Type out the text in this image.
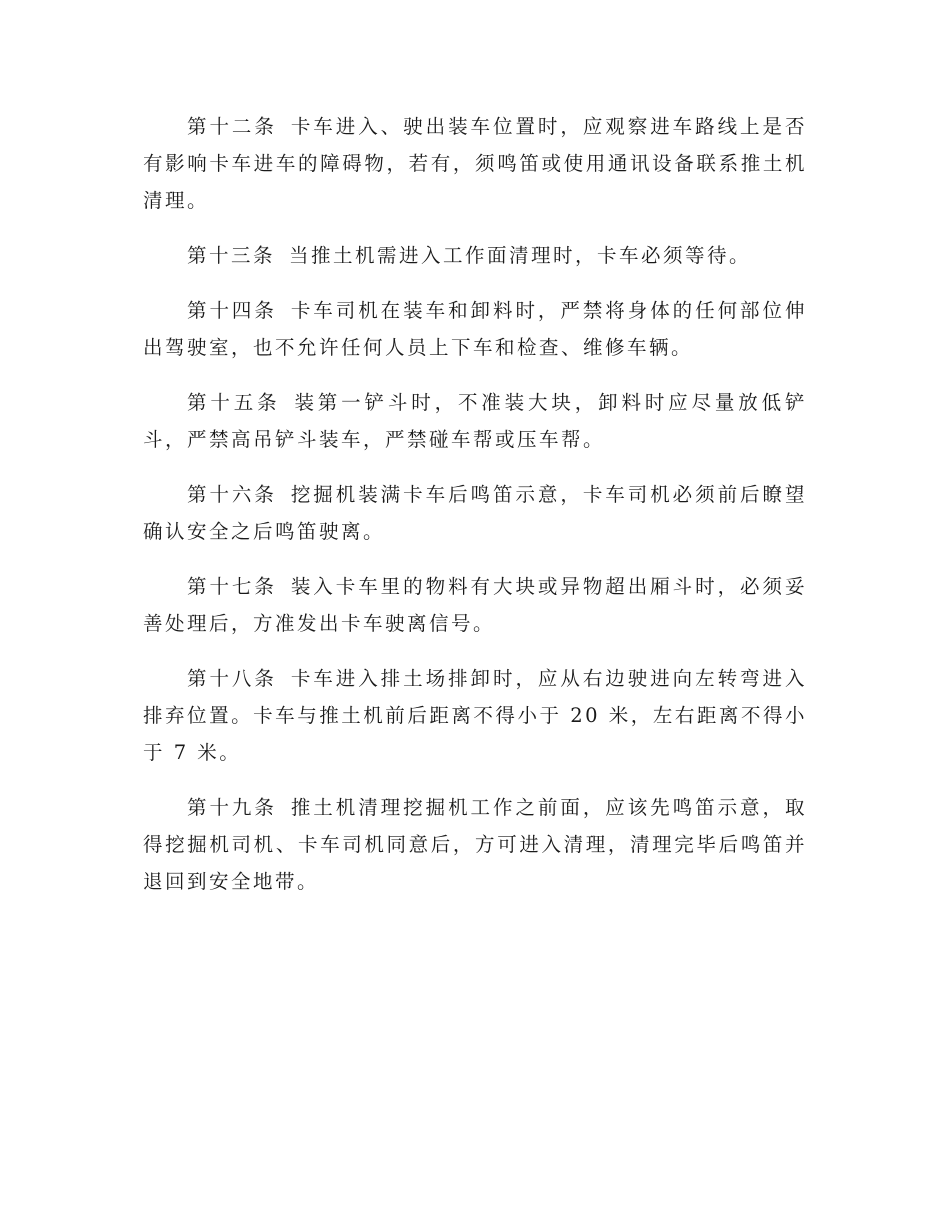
第十二条 卡车进入、驶出装车位置时，应观察进车路线上是否有影响卡车进车的障碍物，若有，须鸣笛或使用通讯设备联系推土机清理。

第十三条 当推土机需进入工作面清理时，卡车必须等待。

第十四条 卡车司机在装车和卸料时，严禁将身体的任何部位伸出驾驶室，也不允许任何人员上下车和检查、维修车辆。

第十五条 装第一铲斗时，不准装大块，卸料时应尽量放低铲斗，严禁高吊铲斗装车，严禁碰车帮或压车帮。

第十六条 挖掘机装满卡车后鸣笛示意，卡车司机必须前后瞭望确认安全之后鸣笛驶离。

第十七条 装入卡车里的物料有大块或异物超出厢斗时，必须妥善处理后，方准发出卡车驶离信号。

第十八条 卡车进入排土场排卸时，应从右边驶进向左转弯进入排弃位置。卡车与推土机前后距离不得小于 20 米，左右距离不得小于 7 米。

第十九条 推土机清理挖掘机工作之前面，应该先鸣笛示意，取得挖掘机司机、卡车司机同意后，方可进入清理，清理完毕后鸣笛并退回到安全地带。
